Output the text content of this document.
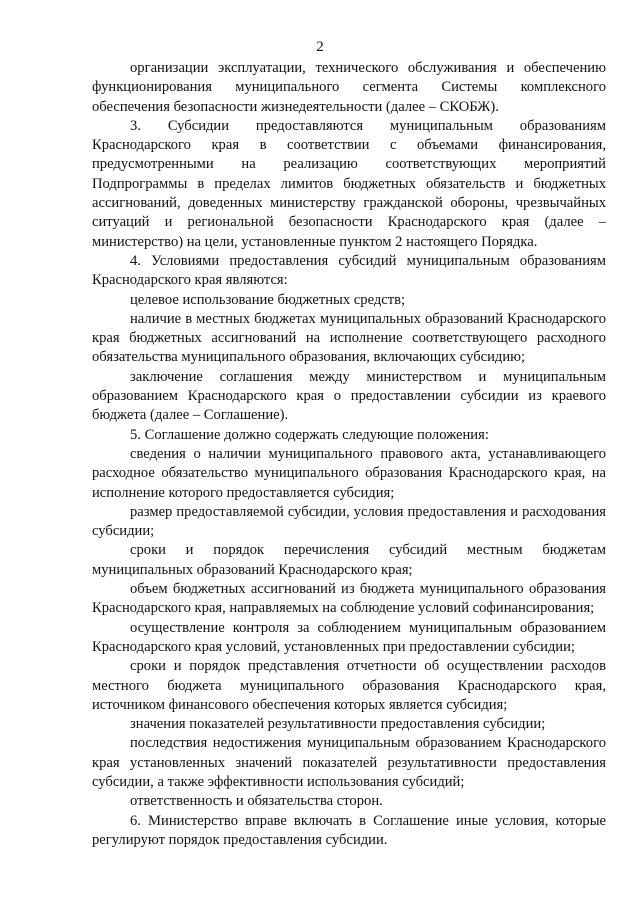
2

организации эксплуатации, технического обслуживания и обеспечению функционирования муниципального сегмента Системы комплексного обеспечения безопасности жизнедеятельности (далее – СКОБЖ).

3. Субсидии предоставляются муниципальным образованиям Краснодарского края в соответствии с объемами финансирования, предусмотренными на реализацию соответствующих мероприятий Подпрограммы в пределах лимитов бюджетных обязательств и бюджетных ассигнований, доведенных министерству гражданской обороны, чрезвычайных ситуаций и региональной безопасности Краснодарского края (далее – министерство) на цели, установленные пунктом 2 настоящего Порядка.

4. Условиями предоставления субсидий муниципальным образованиям Краснодарского края являются:

целевое использование бюджетных средств;

наличие в местных бюджетах муниципальных образований Краснодарского края бюджетных ассигнований на исполнение соответствующего расходного обязательства муниципального образования, включающих субсидию;

заключение соглашения между министерством и муниципальным образованием Краснодарского края о предоставлении субсидии из краевого бюджета (далее – Соглашение).

5. Соглашение должно содержать следующие положения:

сведения о наличии муниципального правового акта, устанавливающего расходное обязательство муниципального образования Краснодарского края, на исполнение которого предоставляется субсидия;

размер предоставляемой субсидии, условия предоставления и расходования субсидии;

сроки и порядок перечисления субсидий местным бюджетам муниципальных образований Краснодарского края;

объем бюджетных ассигнований из бюджета муниципального образования Краснодарского края, направляемых на соблюдение условий софинансирования;

осуществление контроля за соблюдением муниципальным образованием Краснодарского края условий, установленных при предоставлении субсидии;

сроки и порядок представления отчетности об осуществлении расходов местного бюджета муниципального образования Краснодарского края, источником финансового обеспечения которых является субсидия;

значения показателей результативности предоставления субсидии;

последствия недостижения муниципальным образованием Краснодарского края установленных значений показателей результативности предоставления субсидии, а также эффективности использования субсидий;

ответственность и обязательства сторон.

6. Министерство вправе включать в Соглашение иные условия, которые регулируют порядок предоставления субсидии.
